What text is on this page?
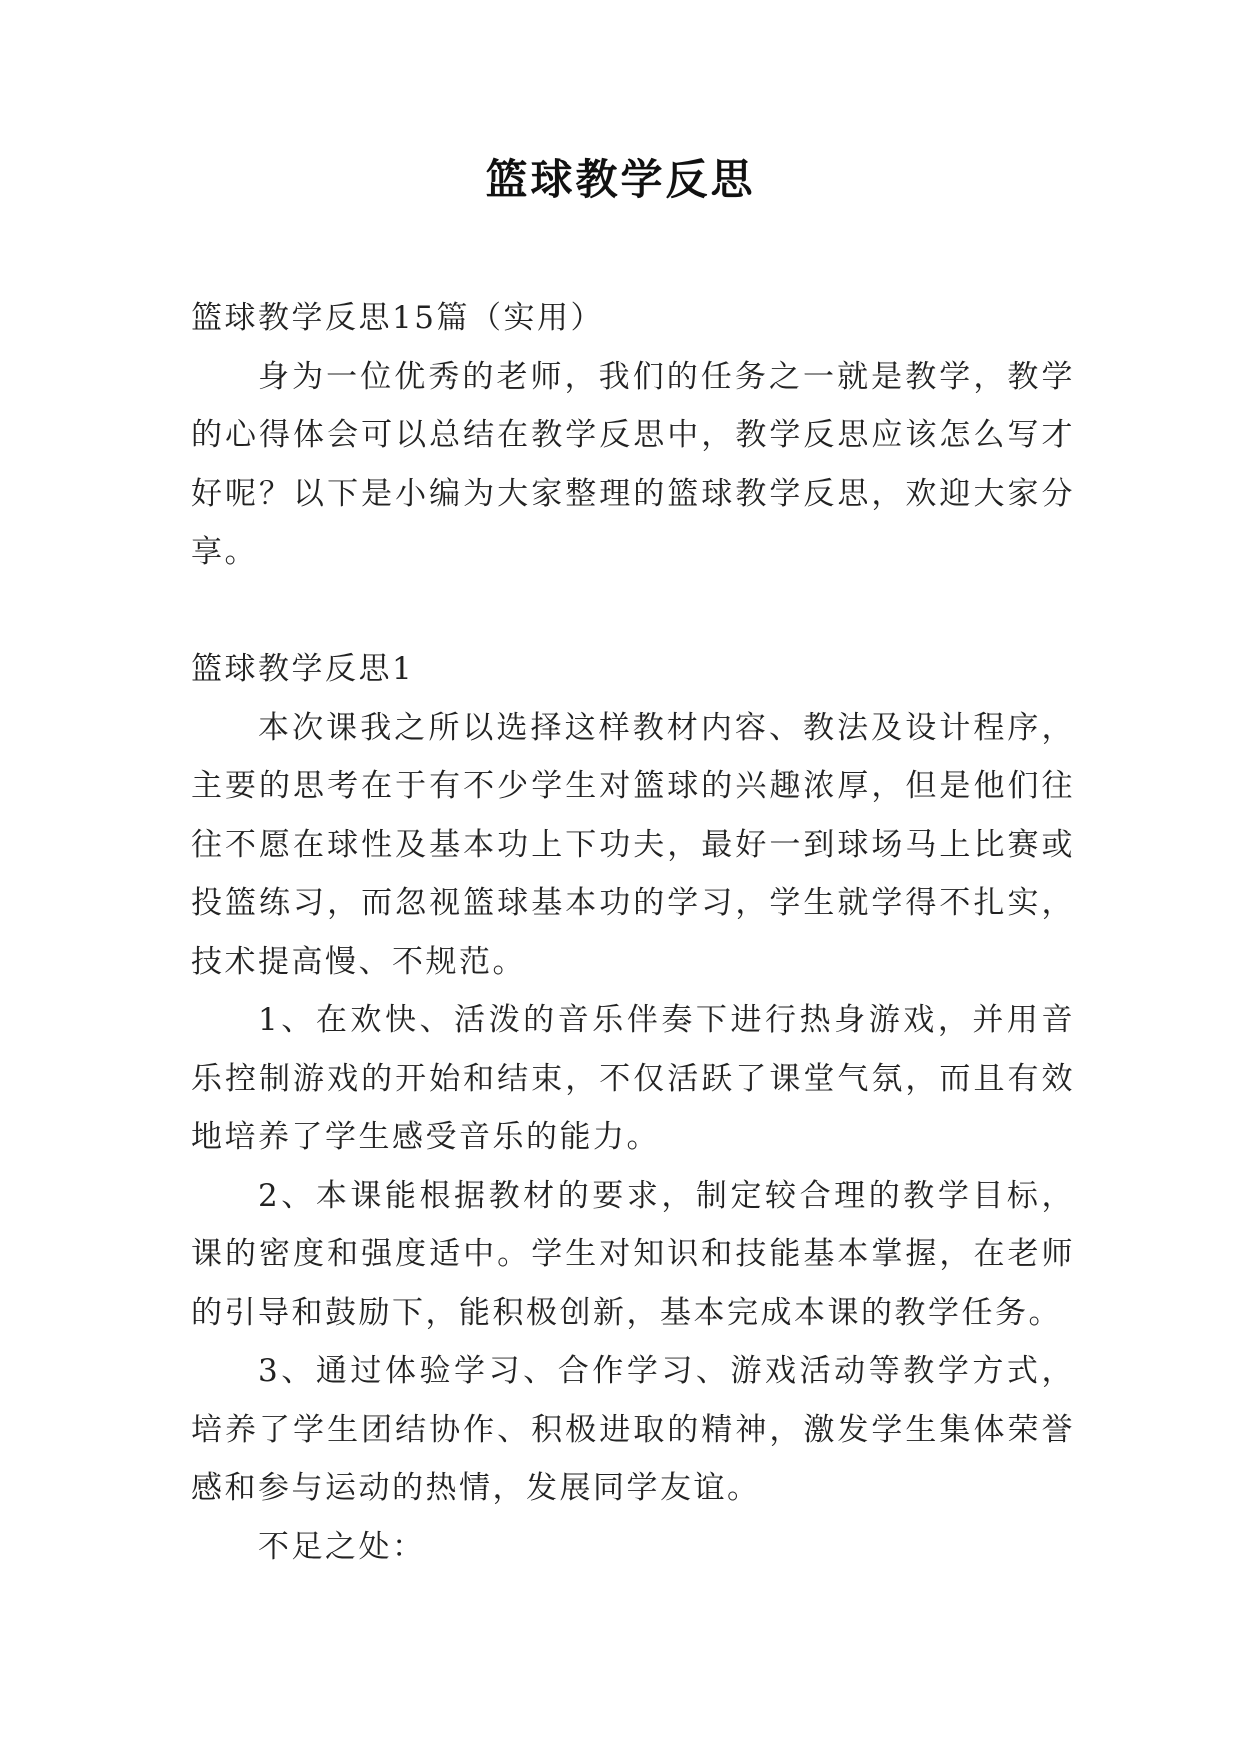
篮球教学反思
篮球教学反思15篇（实用）
身为一位优秀的老师，我们的任务之一就是教学，教学
的心得体会可以总结在教学反思中，教学反思应该怎么写才
好呢？以下是小编为大家整理的篮球教学反思，欢迎大家分
享。
篮球教学反思1
本次课我之所以选择这样教材内容、教法及设计程序，
主要的思考在于有不少学生对篮球的兴趣浓厚，但是他们往
往不愿在球性及基本功上下功夫，最好一到球场马上比赛或
投篮练习，而忽视篮球基本功的学习，学生就学得不扎实，
技术提高慢、不规范。
1、在欢快、活泼的音乐伴奏下进行热身游戏，并用音
乐控制游戏的开始和结束，不仅活跃了课堂气氛，而且有效
地培养了学生感受音乐的能力。
2、本课能根据教材的要求，制定较合理的教学目标，
课的密度和强度适中。学生对知识和技能基本掌握，在老师
的引导和鼓励下，能积极创新，基本完成本课的教学任务。
3、通过体验学习、合作学习、游戏活动等教学方式，
培养了学生团结协作、积极进取的精神，激发学生集体荣誉
感和参与运动的热情，发展同学友谊。
不足之处：
